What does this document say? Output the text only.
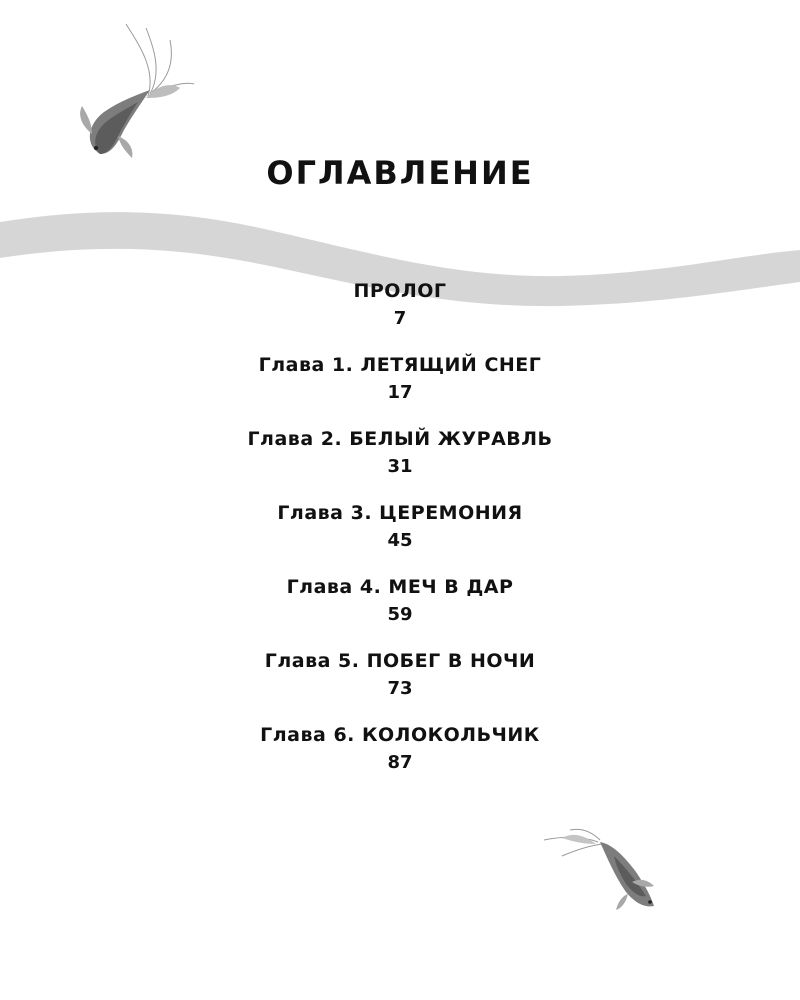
ОГЛАВЛЕНИЕ
ПРОЛОГ
7
Глава 1. ЛЕТЯЩИЙ СНЕГ
17
Глава 2. БЕЛЫЙ ЖУРАВЛЬ
31
Глава 3. ЦЕРЕМОНИЯ
45
Глава 4. МЕЧ В ДАР
59
Глава 5. ПОБЕГ В НОЧИ
73
Глава 6. КОЛОКОЛЬЧИК
87
